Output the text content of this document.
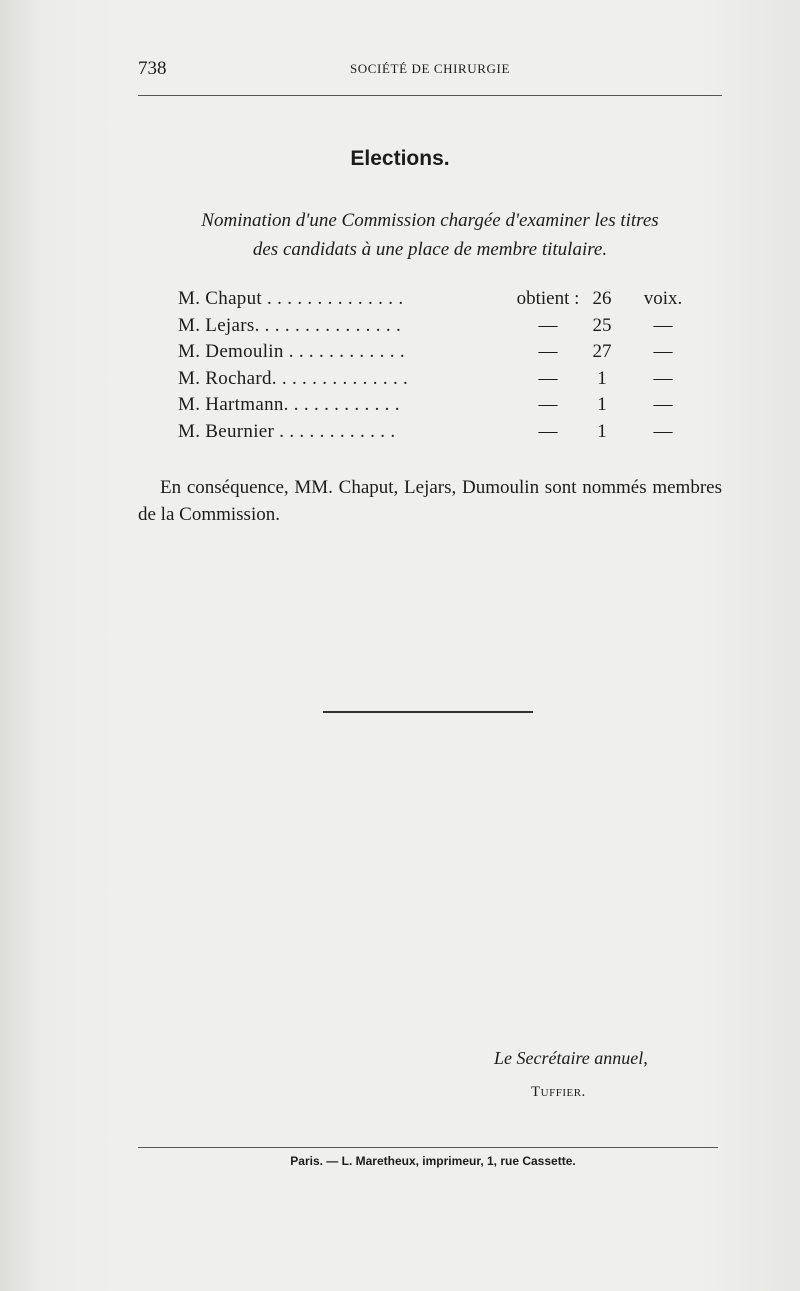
738	SOCIÉTÉ DE CHIRURGIE
Elections.
Nomination d'une Commission chargée d'examiner les titres
des candidats à une place de membre titulaire.
M. Chaput . . . . . . . . . . . . . .	obtient : 26	voix.
M. Lejars. . . . . . . . . . . . . . .	—	25	—
M. Demoulin . . . . . . . . . . . .	—	27	—
M. Rochard. . . . . . . . . . . . . .	—	1	—
M. Hartmann. . . . . . . . . . . .	—	1	—
M. Beurnier . . . . . . . . . . . .	—	1	—
En conséquence, MM. Chaput, Lejars, Dumoulin sont nommés membres de la Commission.
Le Secrétaire annuel,
Tuffier.
Paris. — L. Maretheux, imprimeur, 1, rue Cassette.
